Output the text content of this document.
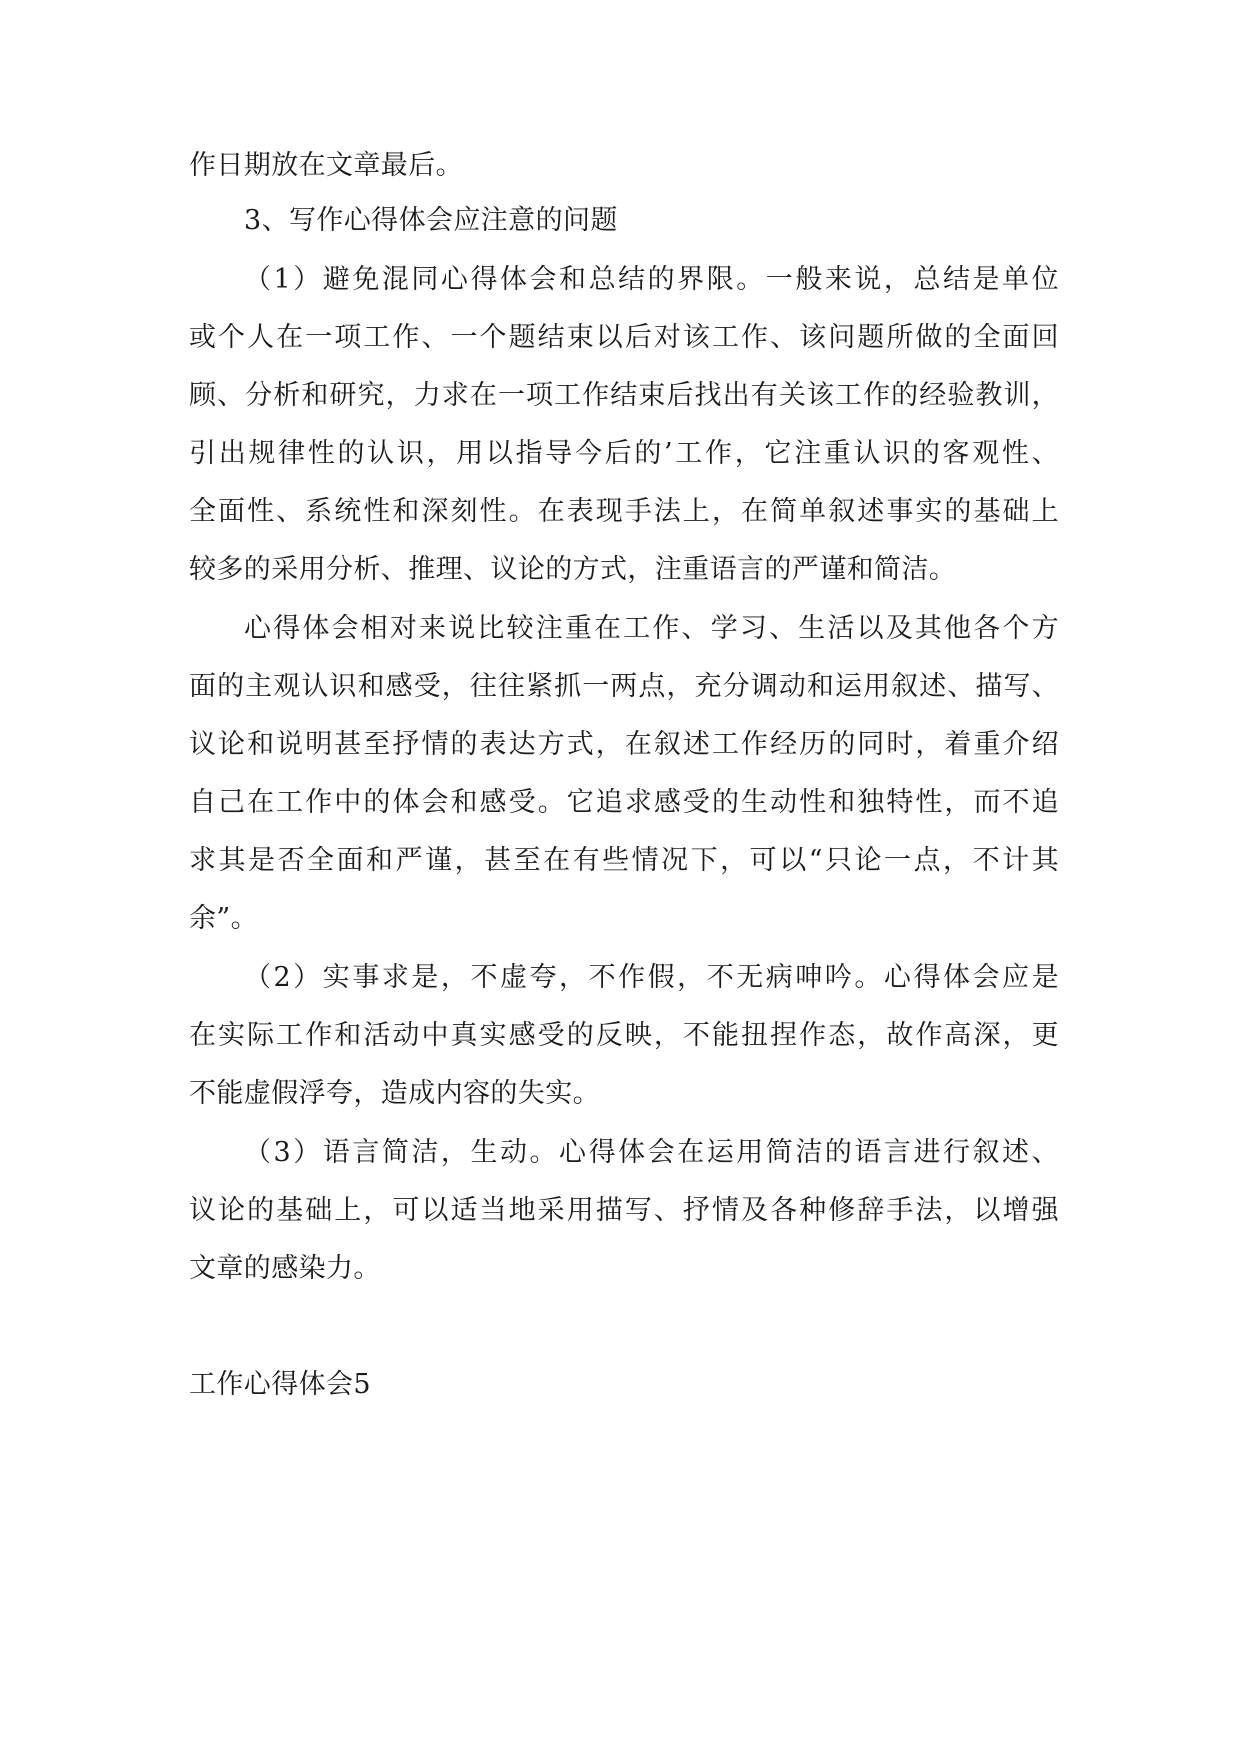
作日期放在文章最后。
3、写作心得体会应注意的问题
（1）避免混同心得体会和总结的界限。一般来说，总结是单位
或个人在一项工作、一个题结束以后对该工作、该问题所做的全面回
顾、分析和研究，力求在一项工作结束后找出有关该工作的经验教训，
引出规律性的认识，用以指导今后的’工作，它注重认识的客观性、
全面性、系统性和深刻性。在表现手法上，在简单叙述事实的基础上
较多的采用分析、推理、议论的方式，注重语言的严谨和简洁。
心得体会相对来说比较注重在工作、学习、生活以及其他各个方
面的主观认识和感受，往往紧抓一两点，充分调动和运用叙述、描写、
议论和说明甚至抒情的表达方式，在叙述工作经历的同时，着重介绍
自己在工作中的体会和感受。它追求感受的生动性和独特性，而不追
求其是否全面和严谨，甚至在有些情况下，可以“只论一点，不计其
余”。
（2）实事求是，不虚夸，不作假，不无病呻吟。心得体会应是
在实际工作和活动中真实感受的反映，不能扭捏作态，故作高深，更
不能虚假浮夸，造成内容的失实。
（3）语言简洁，生动。心得体会在运用简洁的语言进行叙述、
议论的基础上，可以适当地采用描写、抒情及各种修辞手法，以增强
文章的感染力。
工作心得体会5
